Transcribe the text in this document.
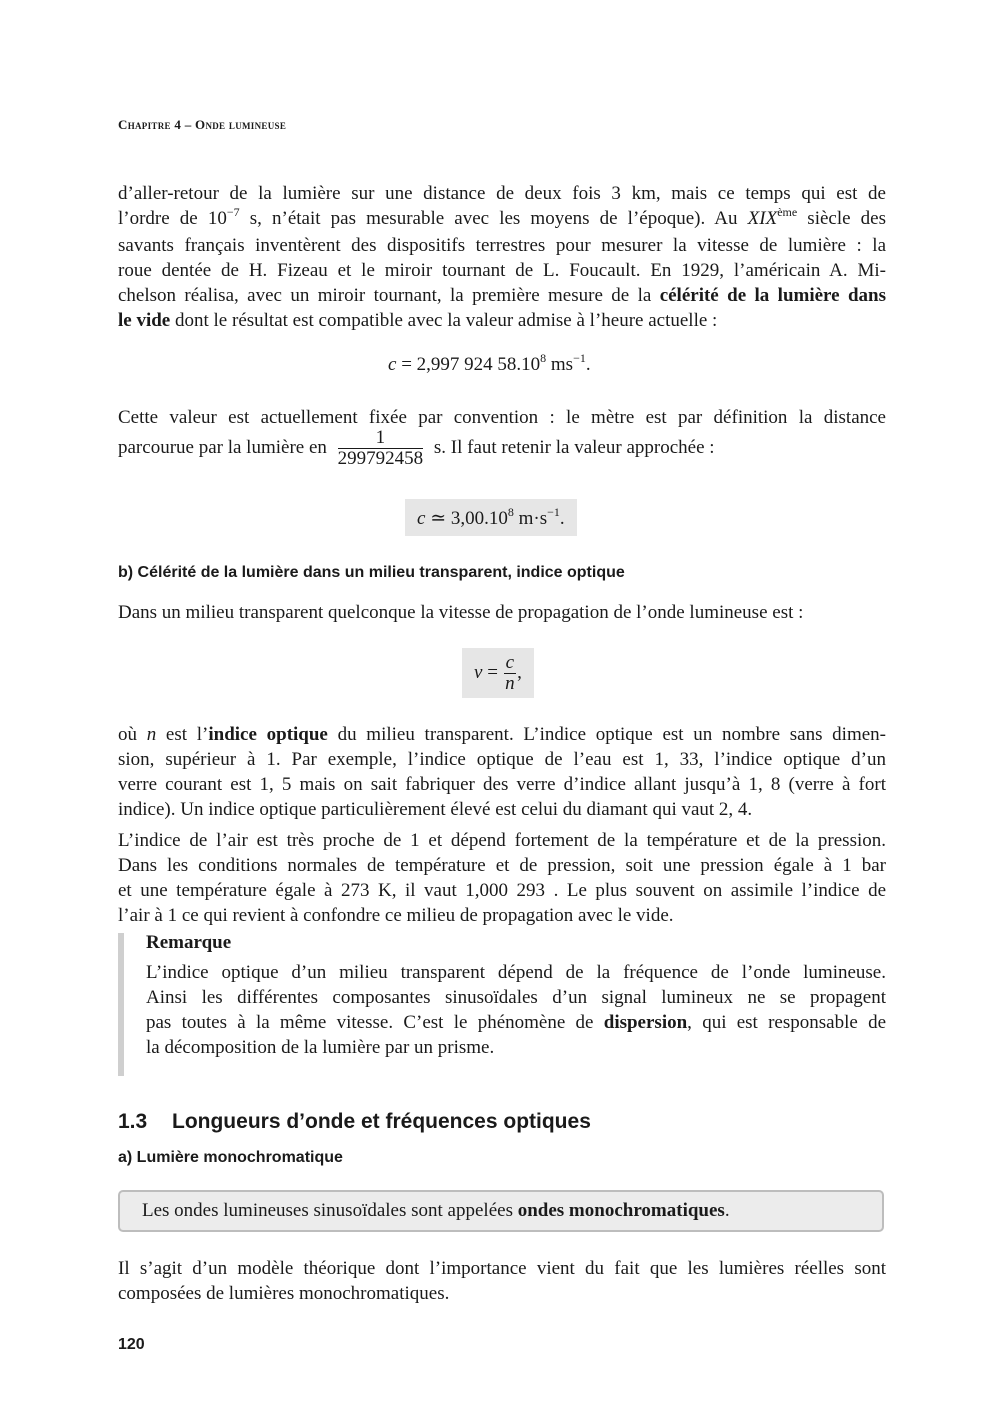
Chapitre 4 – Onde lumineuse
d’aller-retour de la lumière sur une distance de deux fois 3 km, mais ce temps qui est de
l’ordre de $10^{-7}$ s, n’était pas mesurable avec les moyens de l’époque). Au XIXème siècle des
savants français inventèrent des dispositifs terrestres pour mesurer la vitesse de lumière : la
roue dentée de H. Fizeau et le miroir tournant de L. Foucault. En 1929, l’américain A. Mi-
chelson réalisa, avec un miroir tournant, la première mesure de la célérité de la lumière dans
le vide dont le résultat est compatible avec la valeur admise à l’heure actuelle :
c = 2,997 924 58.10$^8$ $ms^{-1}$.
Cette valeur est actuellement fixée par convention : le mètre est par définition la distance
parcourue par la lumière en $\frac{1}{299792458} s$. Il faut retenir la valeur approchée :
c ≃ 3,00.10$^8$ $m\cdot s^{-1}$.
b) Célérité de la lumière dans un milieu transparent, indice optique
Dans un milieu transparent quelconque la vitesse de propagation de l’onde lumineuse est :
$v = \frac{c}{n}$ ,
où n est l’indice optique du milieu transparent. L’indice optique est un nombre sans dimen-
sion, supérieur à 1. Par exemple, l’indice optique de l’eau est 1, 33, l’indice optique d’un
verre courant est 1, 5 mais on sait fabriquer des verre d’indice allant jusqu’à 1, 8 (verre à fort
indice). Un indice optique particulièrement élevé est celui du diamant qui vaut 2, 4.
L’indice de l’air est très proche de 1 et dépend fortement de la température et de la pression.
Dans les conditions normales de température et de pression, soit une pression égale à 1 bar
et une température égale à 273 K, il vaut 1,000 293 . Le plus souvent on assimile l’indice de
l’air à 1 ce qui revient à confondre ce milieu de propagation avec le vide.
Remarque
L’indice optique d’un milieu transparent dépend de la fréquence de l’onde lumineuse.
Ainsi les différentes composantes sinusoïdales d’un signal lumineux ne se propagent
pas toutes à la même vitesse. C’est le phénomène de dispersion, qui est responsable de
la décomposition de la lumière par un prisme.
1.3 Longueurs d’onde et fréquences optiques
a) Lumière monochromatique
Les ondes lumineuses sinusoïdales sont appelées ondes monochromatiques.
Il s’agit d’un modèle théorique dont l’importance vient du fait que les lumières réelles sont
composées de lumières monochromatiques.
120
